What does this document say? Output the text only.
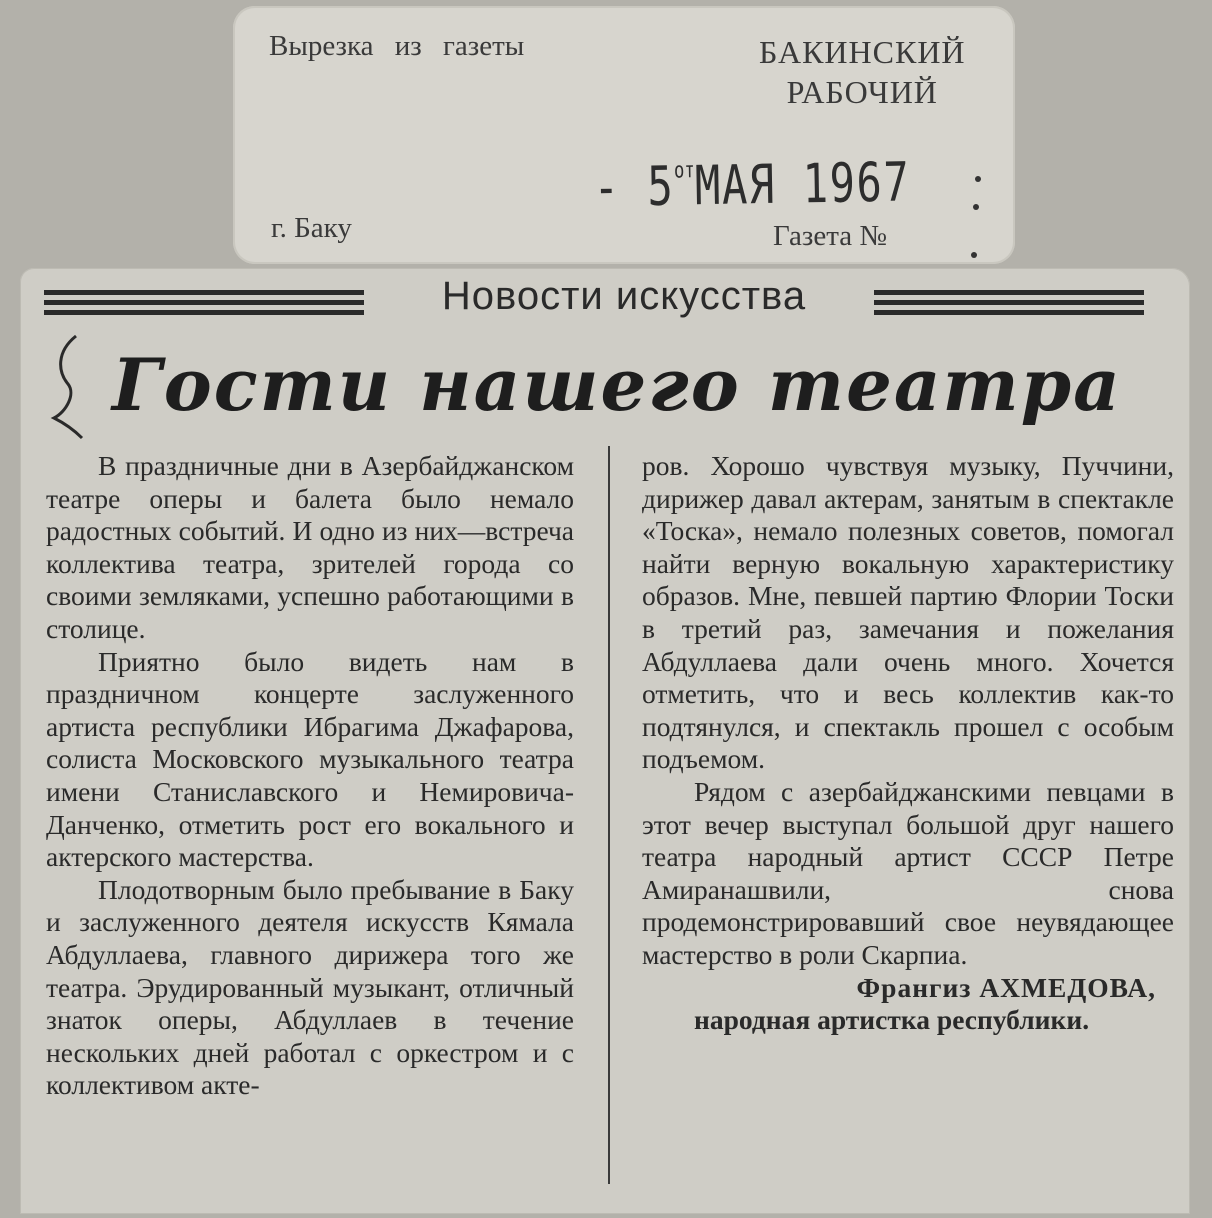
Вырезка из газеты	БАКИНСКИЙ
РАБОЧИЙ
- $5^{от}МАЯ$ 1967
г. Баку	Газета №
Новости искусства
Гости нашего театра

В праздничные дни в Азербайджанском театре оперы и балета было немало радостных событий. И одно из них—встреча коллектива театра, зрителей города со своими земляками, успешно работающими в столице.

Приятно было видеть нам в праздничном концерте заслуженного артиста республики Ибрагима Джафарова, солиста Московского музыкального театра имени Станиславского и Немировича-Данченко, отметить рост его вокального и актерского мастерства.

Плодотворным было пребывание в Баку и заслуженного деятеля искусств Кямала Абдуллаева, главного дирижера того же театра. Эрудированный музыкант, отличный знаток оперы, Абдуллаев в течение нескольких дней работал с оркестром и с коллективом акте-

ров. Хорошо чувствуя музыку, Пуччини, дирижер давал актерам, занятым в спектакле «Тоска», немало полезных советов, помогал найти верную вокальную характеристику образов. Мне, певшей партию Флории Тоски в третий раз, замечания и пожелания Абдуллаева дали очень много. Хочется отметить, что и весь коллектив как-то подтянулся, и спектакль прошел с особым подъемом.

Рядом с азербайджанскими певцами в этот вечер выступал большой друг нашего театра народный артист СССР Петре Амиранашвили, снова продемонстрировавший свое неувядающее мастерство в роли Скарпиа.

Франгиз АХМЕДОВА,

народная артистка республики.
